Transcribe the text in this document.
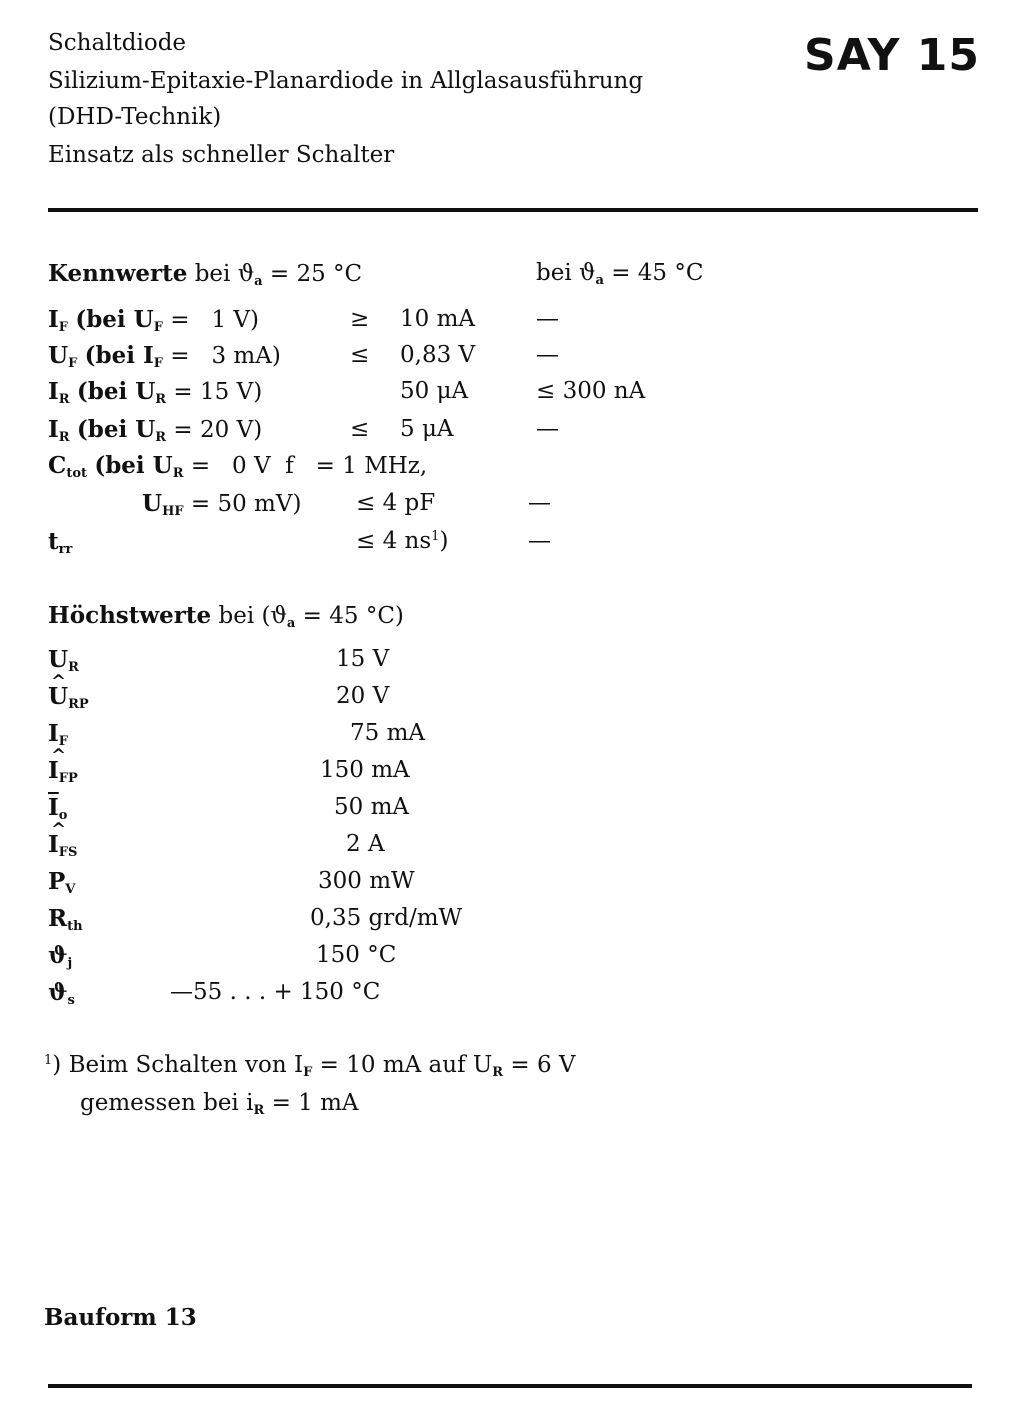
Schaltdiode
Silizium-Epitaxie-Planardiode in Allglasausführung
(DHD-Technik)
Einsatz als schneller Schalter
SAY 15
Kennwerte bei $ϑ_a = 25$ °C	bei $ϑ_a = 45$ °C
$I_F$ (bei $U_F = 1$ V)	≥ 10 mA	—
$U_F$ (bei $I_F = 3$ mA)	≤ 0,83 V	—
$I_R$ (bei $U_R = 15$ V)	50 μA	≤ 300 nA
$I_R$ (bei $U_R = 20$ V)	≤ 5 μA	—
$C_{tot}$ (bei $U_R = 0$ V  f   = 1 MHz,
$U_{HF} = 50$ mV) ≤ 4 pF	—
$t_{rr}$	≤ 4 $ns^1$)	—
Höchstwerte bei ($ϑ_a = 45$ °C)
$U_R$	15 V
^ $U_{RP}$	20 V
$I_F$	75 mA
^ $I_{FP}$	150 mA
$\overline{I}_o$	50 mA
^ $I_{FS}$	2 A
$P_V$	300 mW
$R_{th}$	0,35 grd/mW
$ϑ_j$	150 °C
$ϑ_s$	—55 . . . + 150 °C
$^1$) Beim Schalten von $I_F = 10$ mA auf $U_R = 6$ V
gemessen bei $i_R = 1$ mA
Bauform 13
